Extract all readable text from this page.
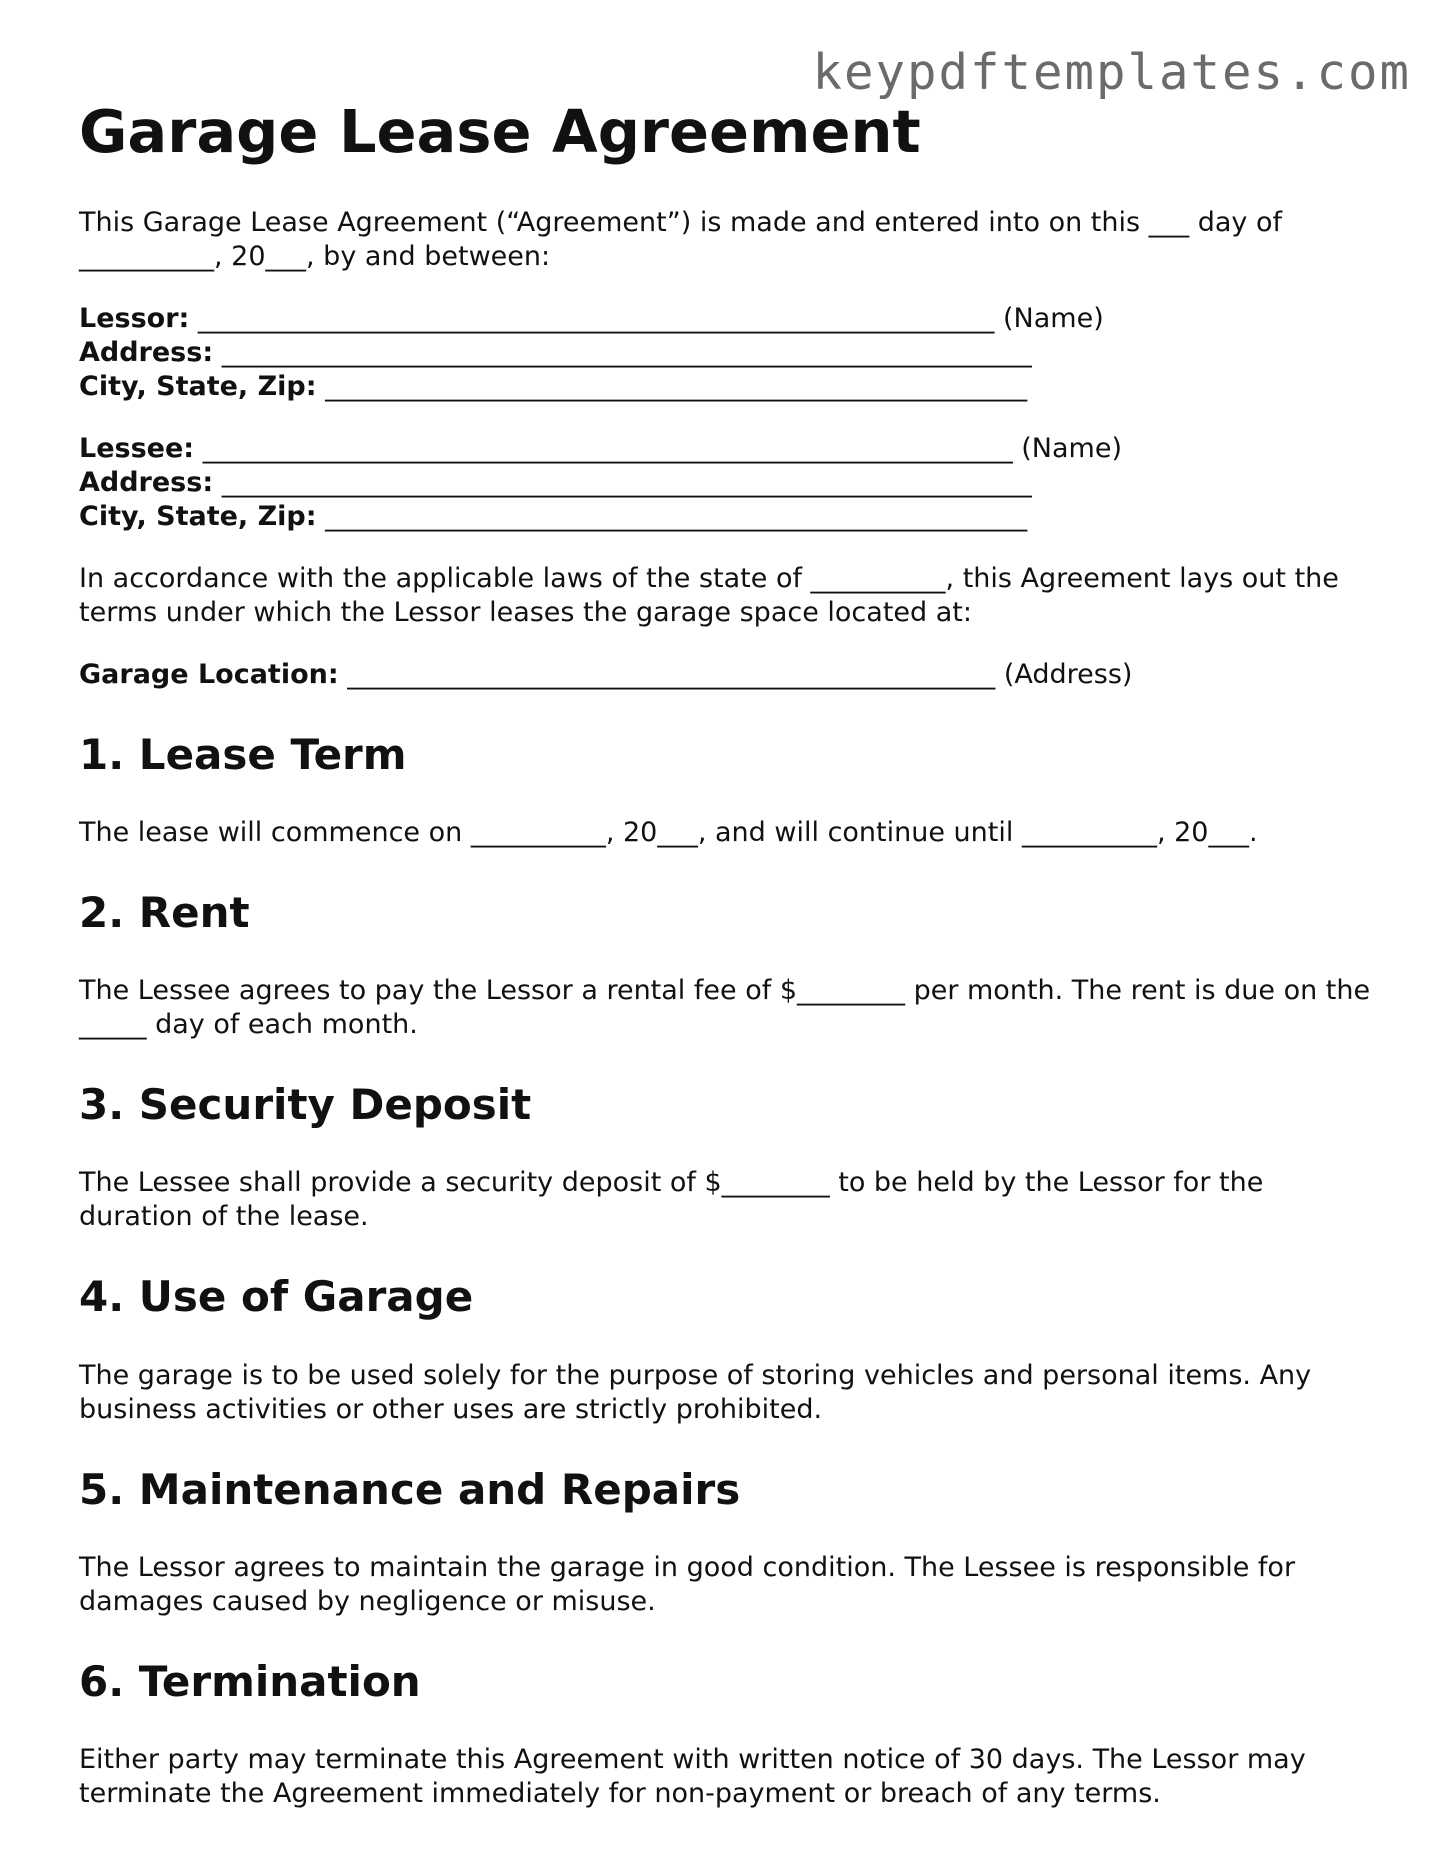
keypdftemplates.com
Garage Lease Agreement

This Garage Lease Agreement (“Agreement”) is made and entered into on this ___ day of __________, 20___, by and between:

Lessor: ___________________________________________________________ (Name)

Address: ____________________________________________________________

City, State, Zip: ____________________________________________________

Lessee: ____________________________________________________________ (Name)

Address: ____________________________________________________________

City, State, Zip: ____________________________________________________

In accordance with the applicable laws of the state of __________, this Agreement lays out the terms under which the Lessor leases the garage space located at:

Garage Location: ________________________________________________ (Address)

1. Lease Term

The lease will commence on __________, 20___, and will continue until __________, 20___.

2. Rent

The Lessee agrees to pay the Lessor a rental fee of $________ per month. The rent is due on the _____ day of each month.

3. Security Deposit

The Lessee shall provide a security deposit of $________ to be held by the Lessor for the duration of the lease.

4. Use of Garage

The garage is to be used solely for the purpose of storing vehicles and personal items. Any business activities or other uses are strictly prohibited.

5. Maintenance and Repairs

The Lessor agrees to maintain the garage in good condition. The Lessee is responsible for damages caused by negligence or misuse.

6. Termination

Either party may terminate this Agreement with written notice of 30 days. The Lessor may terminate the Agreement immediately for non-payment or breach of any terms.
